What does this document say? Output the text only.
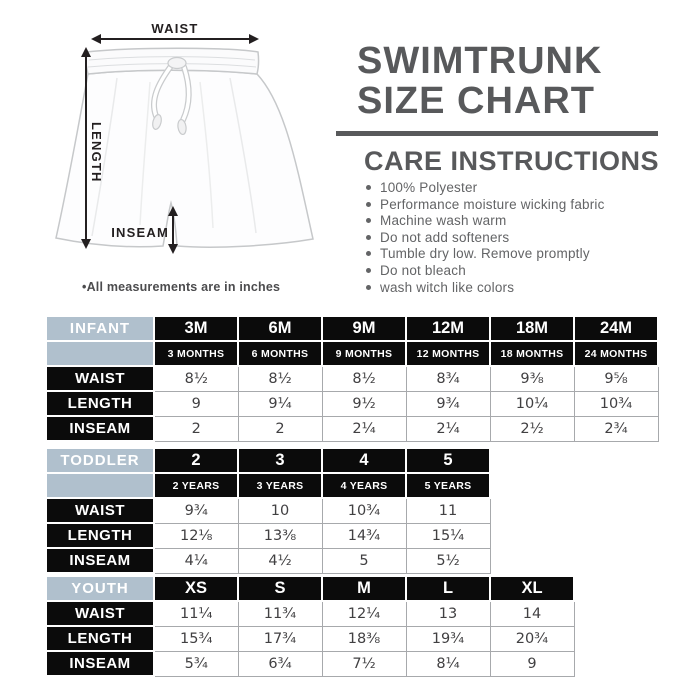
WAIST
LENGTH
INSEAM
•All measurements are in inches
SWIMTRUNK
SIZE CHART
CARE INSTRUCTIONS
100% Polyester
Performance moisture wicking fabric
Machine wash warm
Do not add softeners
Tumble dry low. Remove promptly
Do not bleach
wash witch like colors
INFANT	3M	6M	9M	12M	18M	24M
	3 MONTHS	6 MONTHS	9 MONTHS	12 MONTHS	18 MONTHS	24 MONTHS
WAIST	8½	8½	8½	8¾	9⅜	9⅝
LENGTH	9	9¼	9½	9¾	10¼	10¾
INSEAM	2	2	2¼	2¼	2½	2¾
TODDLER	2	3	4	5
	2 YEARS	3 YEARS	4 YEARS	5 YEARS
WAIST	9¾	10	10¾	11
LENGTH	12⅛	13⅜	14¾	15¼
INSEAM	4¼	4½	5	5½
YOUTH	XS	S	M	L	XL
WAIST	11¼	11¾	12¼	13	14
LENGTH	15¾	17¾	18⅜	19¾	20¾
INSEAM	5¾	6¾	7½	8¼	9
